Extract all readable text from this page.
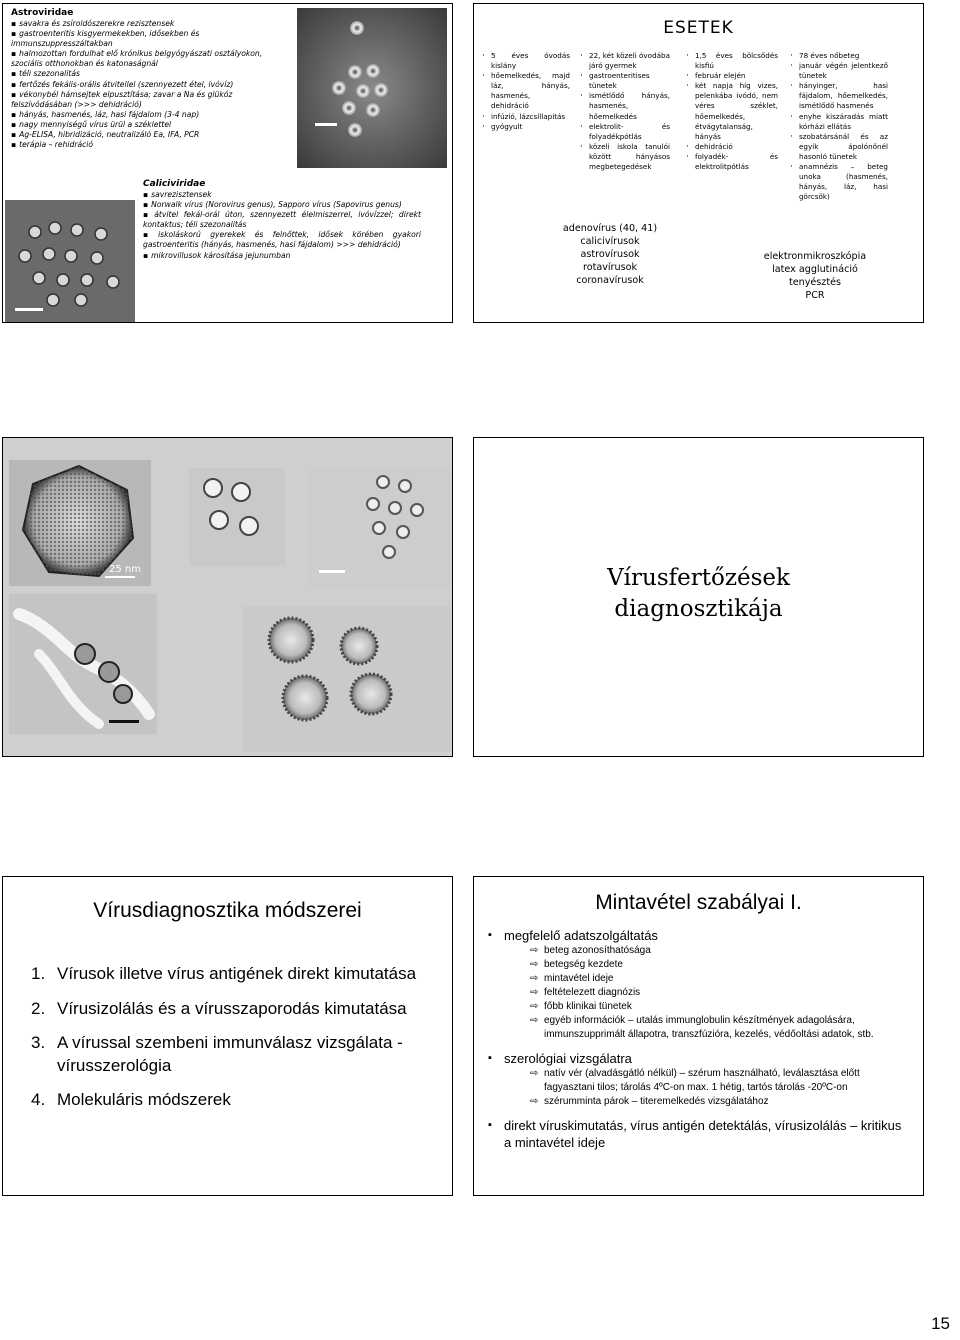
Astroviridae
▪ savakra és zsíroldószerekre rezisztensek
▪ gastroenteritis kisgyermekekben, idősekben és immunszuppresszáltakban
▪ halmozottan fordulhat elő krónikus belgyógyászati osztályokon, szociális otthonokban és katonaságnál
▪ téli szezonalitás
▪ fertőzés fekális-orális átvitellel (szennyezett étel, ivóvíz)
▪ vékonybél hámsejtek elpusztítása; zavar a Na és glükóz felszívódásában (>>> dehidráció)
▪ hányás, hasmenés, láz, hasi fájdalom (3-4 nap)
▪ nagy mennyiségű vírus ürül a széklettel
▪ Ag-ELISA, hibridizáció, neutralizáló Ea, IFA, PCR
▪ terápia – rehidráció
Caliciviridae
▪ savrezisztensek
▪ Norwalk vírus (Norovirus genus), Sapporo vírus (Sapovirus genus)
▪ átvitel fekál-orál úton, szennyezett élelmiszerrel, ivóvízzel; direkt kontaktus; téli szezonalitás
▪ iskoláskorú gyerekek és felnőttek, idősek körében gyakori gastroenteritis (hányás, hasmenés, hasi fájdalom) >>> dehidráció)
▪ mikrovillusok károsítása jejunumban
ESETEK
· 5 éves óvodás kislány
· hőemelkedés, majd láz, hányás, hasmenés, dehidráció
· infúzió, lázcsillapítás
· gyógyult
· 22, két közeli óvodába járó gyermek
· gastroenteritises tünetek
· ismétlődő hányás, hasmenés, hőemelkedés
· elektrolit- és folyadékpótlás
· közeli iskola tanulói között hányásos megbetegedések
· 1,5 éves bölcsődés kisfiú
· február elején
· két napja híg vizes, pelenkába ivódó, nem véres széklet, hőemelkedés, étvágytalanság, hányás
· dehidráció
· folyadék- és elektrolitpótlás
· 78 éves nőbeteg
· január végén jelentkező tünetek
· hányinger, hasi fájdalom, hőemelkedés, ismétlődő hasmenés
· enyhe kiszáradás miatt kórházi ellátás
· szobatársánál és az egyik ápolónőnél hasonló tünetek
· anamnézis – beteg unoka (hasmenés, hányás, láz, hasi görcsök)
adenovírus (40, 41)
calicivírusok
astrovírusok
rotavírusok
coronavírusok
elektronmikroszkópia
latex agglutináció
tenyésztés
PCR
25 nm	Vírusfertőzések
diagnosztikája
Vírusdiagnosztika módszerei
1. Vírusok illetve vírus antigének direkt kimutatása
2. Vírusizolálás és a vírusszaporodás kimutatása
3. A vírussal szembeni immunválasz vizsgálata - vírusszerológia
4. Molekuláris módszerek
Mintavétel szabályai I.
▪ megfelelő adatszolgáltatás
⇨ beteg azonosíthatósága
⇨ betegség kezdete
⇨ mintavétel ideje
⇨ feltételezett diagnózis
⇨ főbb klinikai tünetek
⇨ egyéb információk – utalás immunglobulin készítmények adagolására, immunszupprimált állapotra, transzfúzióra, kezelés, védőoltási adatok, stb.
▪ szerológiai vizsgálatra
⇨ natív vér (alvadásgátló nélkül) – szérum használható, leválasztása előtt fagyasztani tilos; tárolás 4ºC-on max. 1 hétig, tartós tárolás -20ºC-on
⇨ szérumminta párok – titeremelkedés vizsgálatához
▪ direkt víruskimutatás, vírus antigén detektálás, vírusizolálás – kritikus a mintavétel ideje
15
